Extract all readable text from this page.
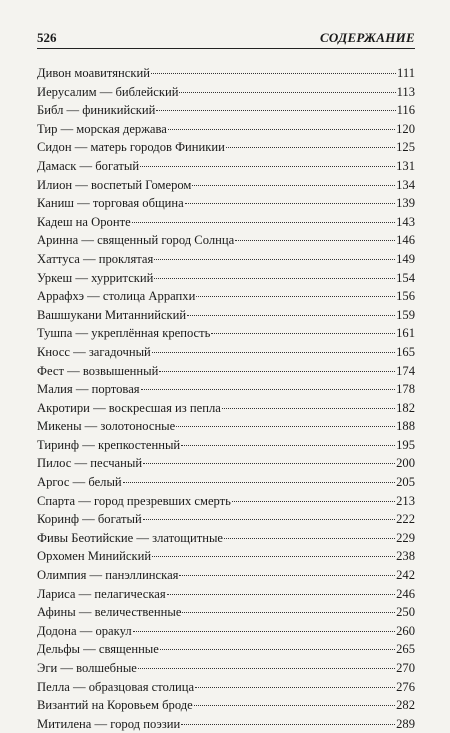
526	СОДЕРЖАНИЕ
Дивон моавитянский	111
Иерусалим — библейский	113
Библ — финикийский	116
Тир — морская держава	120
Сидон — матерь городов Финикии	125
Дамаск — богатый	131
Илион — воспетый Гомером	134
Каниш — торговая община	139
Кадеш на Оронте	143
Аринна — священный город Солнца	146
Хаттуса — проклятая	149
Уркеш — хурритский	154
Аррафхэ — столица Аррапхи	156
Вашшукани Митаннийский	159
Тушпа — укреплённая крепость	161
Кносс — загадочный	165
Фест — возвышенный	174
Малия — портовая	178
Акротири — воскресшая из пепла	182
Микены — золотоносные	188
Тиринф — крепкостенный	195
Пилос — песчаный	200
Аргос — белый	205
Спарта — город презревших смерть	213
Коринф — богатый	222
Фивы Беотийские — златощитные	229
Орхомен Минийский	238
Олимпия — панэллинская	242
Лариса — пелагическая	246
Афины — величественные	250
Додона — оракул	260
Дельфы — священные	265
Эги — волшебные	270
Пелла — образцовая столица	276
Византий на Коровьем броде	282
Митилена — город поэзии	289
